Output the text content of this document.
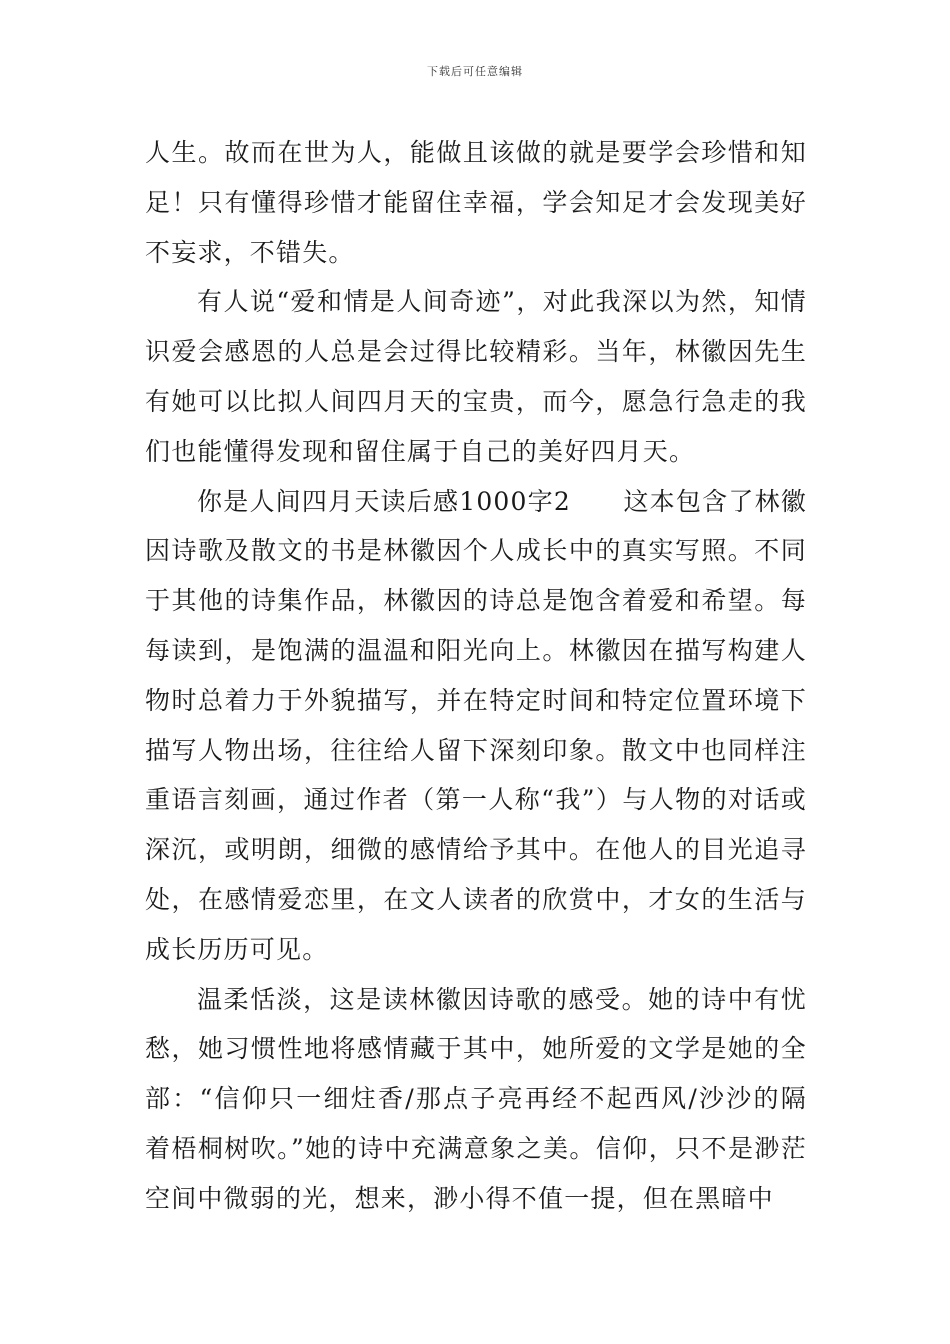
下载后可任意编辑

人生。故而在世为人，能做且该做的就是要学会珍惜和知足！只有懂得珍惜才能留住幸福，学会知足才会发现美好不妄求，不错失。

有人说“爱和情是人间奇迹”，对此我深以为然，知情识爱会感恩的人总是会过得比较精彩。当年，林徽因先生有她可以比拟人间四月天的宝贵，而今，愿急行急走的我们也能懂得发现和留住属于自己的美好四月天。

你是人间四月天读后感1000字2　　这本包含了林徽因诗歌及散文的书是林徽因个人成长中的真实写照。不同于其他的诗集作品，林徽因的诗总是饱含着爱和希望。每每读到，是饱满的温温和阳光向上。林徽因在描写构建人物时总着力于外貌描写，并在特定时间和特定位置环境下描写人物出场，往往给人留下深刻印象。散文中也同样注重语言刻画，通过作者（第一人称“我”）与人物的对话或深沉，或明朗，细微的感情给予其中。在他人的目光追寻处，在感情爱恋里，在文人读者的欣赏中，才女的生活与成长历历可见。

温柔恬淡，这是读林徽因诗歌的感受。她的诗中有忧愁，她习惯性地将感情藏于其中，她所爱的文学是她的全部：“信仰只一细炷香/那点子亮再经不起西风/沙沙的隔着梧桐树吹。”她的诗中充满意象之美。信仰，只不是渺茫空间中微弱的光，想来，渺小得不值一提，但在黑暗中
